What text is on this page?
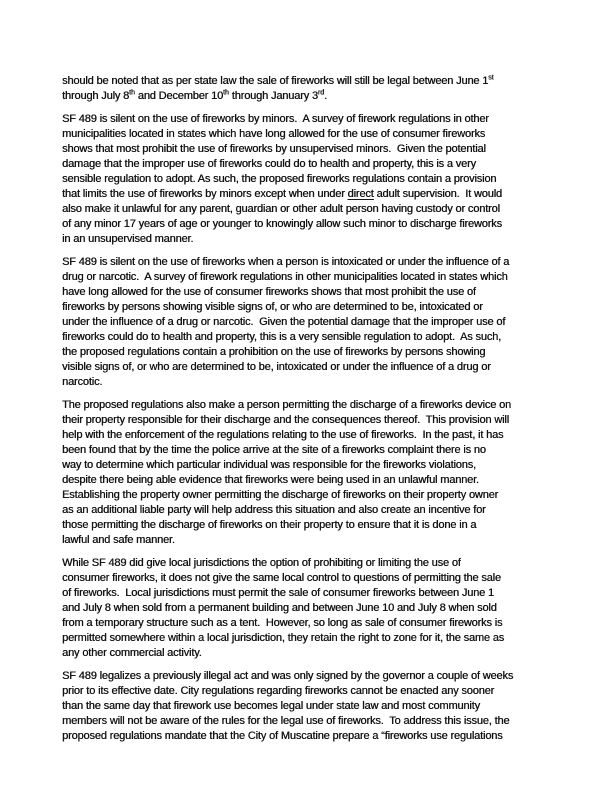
should be noted that as per state law the sale of fireworks will still be legal between June 1st
through July 8th and December 10th through January 3rd.

SF 489 is silent on the use of fireworks by minors.  A survey of firework regulations in other
municipalities located in states which have long allowed for the use of consumer fireworks
shows that most prohibit the use of fireworks by unsupervised minors.  Given the potential
damage that the improper use of fireworks could do to health and property, this is a very
sensible regulation to adopt. As such, the proposed fireworks regulations contain a provision
that limits the use of fireworks by minors except when under direct adult supervision.  It would
also make it unlawful for any parent, guardian or other adult person having custody or control
of any minor 17 years of age or younger to knowingly allow such minor to discharge fireworks
in an unsupervised manner.

SF 489 is silent on the use of fireworks when a person is intoxicated or under the influence of a
drug or narcotic.  A survey of firework regulations in other municipalities located in states which
have long allowed for the use of consumer fireworks shows that most prohibit the use of
fireworks by persons showing visible signs of, or who are determined to be, intoxicated or
under the influence of a drug or narcotic.  Given the potential damage that the improper use of
fireworks could do to health and property, this is a very sensible regulation to adopt.  As such,
the proposed regulations contain a prohibition on the use of fireworks by persons showing
visible signs of, or who are determined to be, intoxicated or under the influence of a drug or
narcotic.

The proposed regulations also make a person permitting the discharge of a fireworks device on
their property responsible for their discharge and the consequences thereof.  This provision will
help with the enforcement of the regulations relating to the use of fireworks.  In the past, it has
been found that by the time the police arrive at the site of a fireworks complaint there is no
way to determine which particular individual was responsible for the fireworks violations,
despite there being able evidence that fireworks were being used in an unlawful manner.
Establishing the property owner permitting the discharge of fireworks on their property owner
as an additional liable party will help address this situation and also create an incentive for
those permitting the discharge of fireworks on their property to ensure that it is done in a
lawful and safe manner.

While SF 489 did give local jurisdictions the option of prohibiting or limiting the use of
consumer fireworks, it does not give the same local control to questions of permitting the sale
of fireworks.  Local jurisdictions must permit the sale of consumer fireworks between June 1
and July 8 when sold from a permanent building and between June 10 and July 8 when sold
from a temporary structure such as a tent.  However, so long as sale of consumer fireworks is
permitted somewhere within a local jurisdiction, they retain the right to zone for it, the same as
any other commercial activity.

SF 489 legalizes a previously illegal act and was only signed by the governor a couple of weeks
prior to its effective date. City regulations regarding fireworks cannot be enacted any sooner
than the same day that firework use becomes legal under state law and most community
members will not be aware of the rules for the legal use of fireworks.  To address this issue, the
proposed regulations mandate that the City of Muscatine prepare a “fireworks use regulations
